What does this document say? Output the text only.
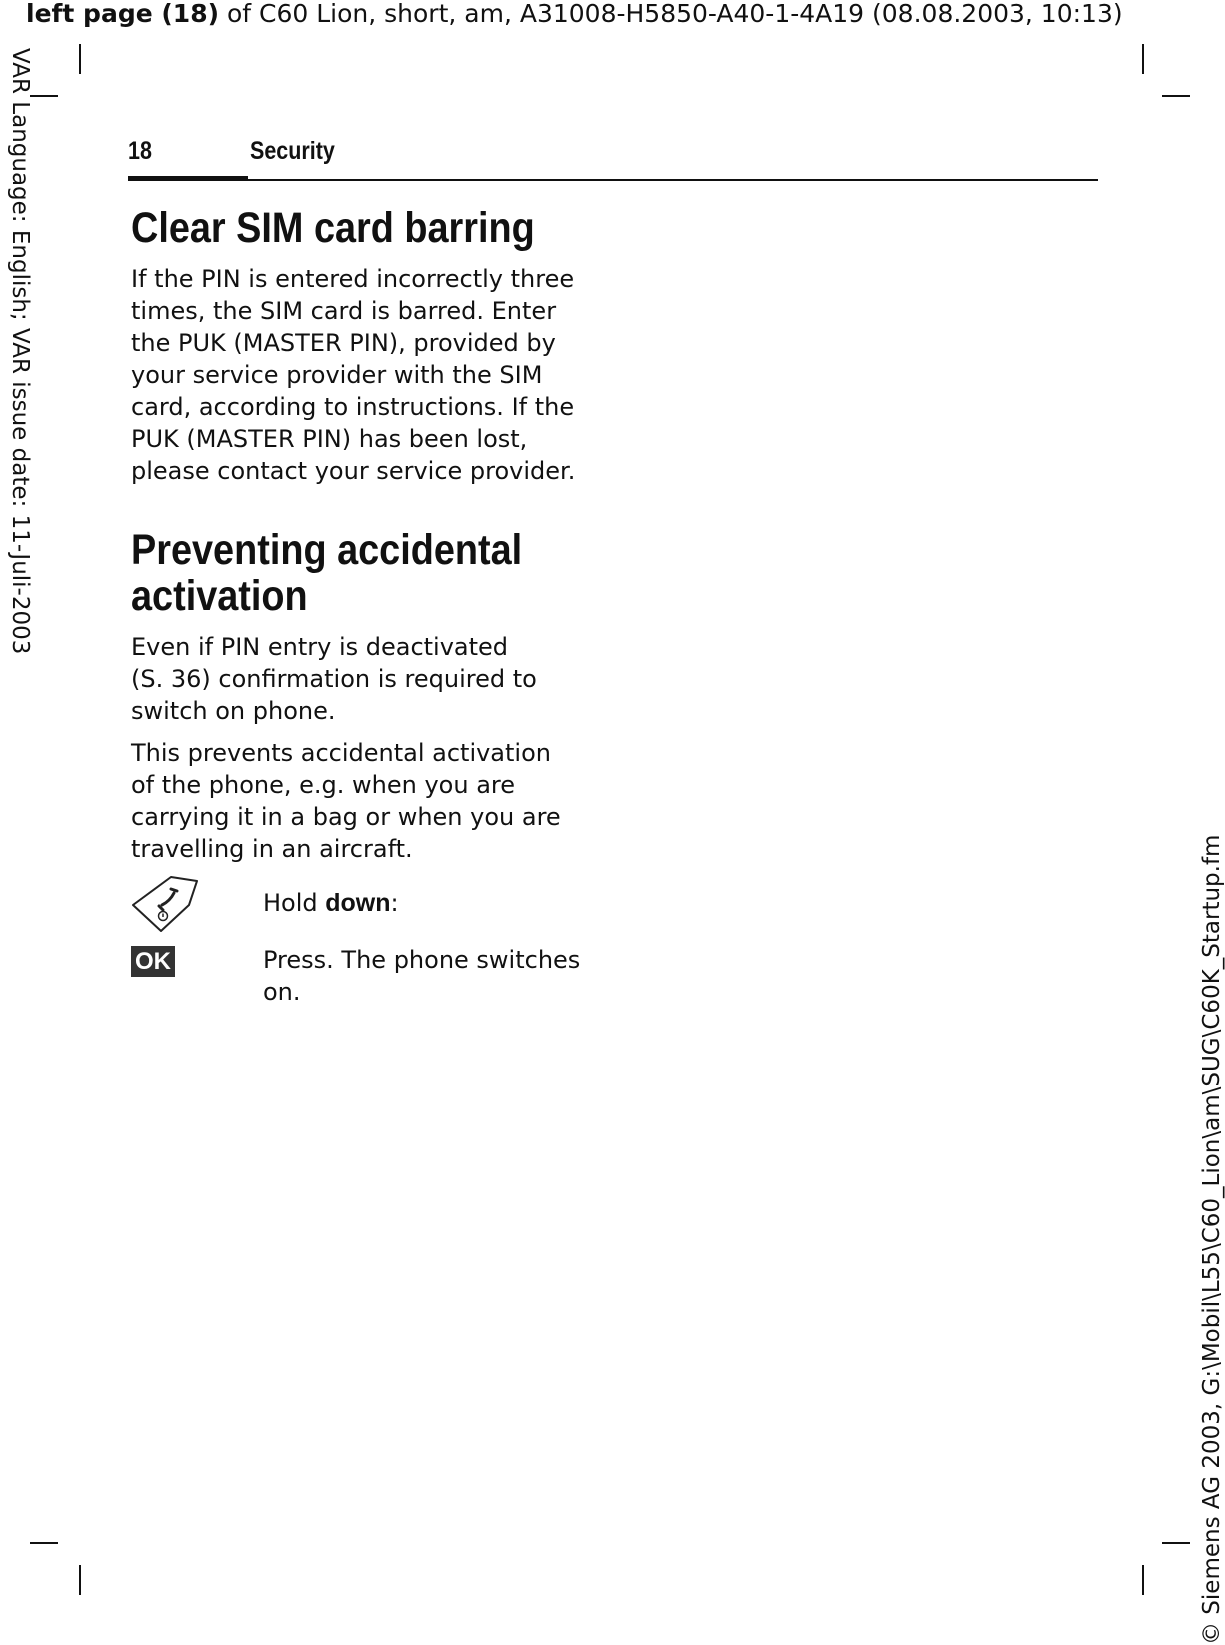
left page (18) of C60 Lion, short, am, A31008-H5850-A40-1-4A19 (08.08.2003, 10:13)
VAR Language: English; VAR issue date: 11-Juli-2003
© Siemens AG 2003, G:\Mobil\L55\C60_Lion\am\SUG\C60K_Startup.fm
18	Security
Clear SIM card barring

If the PIN is entered incorrectly three
times, the SIM card is barred. Enter
the PUK (MASTER PIN), provided by
your service provider with the SIM
card, according to instructions. If the
PUK (MASTER PIN) has been lost,
please contact your service provider.

Preventing accidental
activation

Even if PIN entry is deactivated
(S. 36) confirmation is required to
switch on phone.

This prevents accidental activation
of the phone, e.g. when you are
carrying it in a bag or when you are
travelling in an aircraft.

Hold down:
OK	Press. The phone switches
on.
